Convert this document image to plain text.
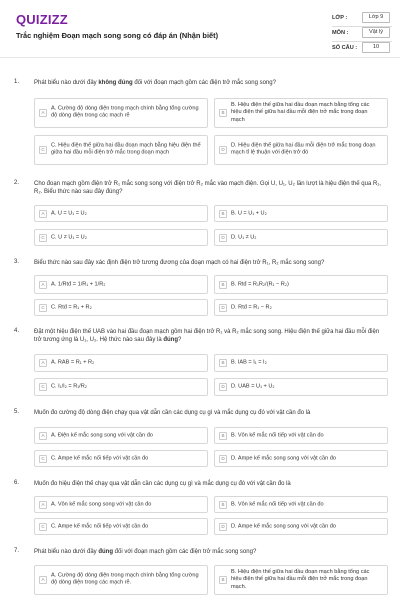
QUIZIZZ
Trắc nghiệm Đoạn mạch song song có đáp án (Nhận biết)
LỚP :	Lớp 9
MÔN :	Vật lý
SỐ CÂU :	10
1. Phát biểu nào dưới đây không đúng đối với đoạn mạch gồm các điện trở mắc song song?
A
A. Cường độ dòng điện trong mạch chính bằng tổng cường độ dòng điện trong các mạch rẽ
B
B. Hiệu điện thế giữa hai đầu đoạn mạch bằng tổng các hiệu điện thế giữa hai đầu mỗi điện trở mắc trong đoạn mạch
C
C. Hiệu điện thế giữa hai đầu đoạn mạch bằng hiệu điện thế giữa hai đầu mỗi điện trở mắc trong đoạn mạch
D
D. Hiệu điện thế giữa hai đầu mỗi điện trở mắc trong đoạn mạch tỉ lệ thuận với điện trở đó
2. Cho đoạn mạch gồm điện trở R₁ mắc song song với điện trở R₂ mắc vào mạch điện. Gọi U, U₁, U₂ lần lượt là hiệu điện thế qua R₁, R₂. Biểu thức nào sau đây đúng?
A	A. U = U₁ = U₂	B	B. U = U₁ + U₂
C	C. U ≠ U₁ = U₂	D	D. U₁ ≠ U₂
3. Biểu thức nào sau đây xác định điện trở tương đương của đoạn mạch có hai điện trở R₁, R₂ mắc song song?
A	A. 1/Rtđ = 1/R₁ + 1/R₂	B	B. Rtđ = R₁R₂/(R₁ − R₂)
C	C. Rtđ = R₁ + R₂	D	D. Rtđ = R₁ − R₂
4. Đặt một hiệu điện thế UAB vào hai đầu đoạn mạch gồm hai điện trở R₁ và R₂ mắc song song. Hiệu điện thế giữa hai đầu mỗi điện trở tương ứng là U₁, U₂. Hệ thức nào sau đây là đúng?
A	A. RAB = R₁ + R₂	B	B. IAB = I₁ = I₂
C	C. I₁/I₂ = R₁/R₂	D	D. UAB = U₁ + U₂
5. Muốn đo cường độ dòng điện chạy qua vật dẫn cần các dụng cụ gì và mắc dụng cụ đó với vật cần đo là
A	A. Điện kế mắc song song với vật cần đo	B	B. Vôn kế mắc nối tiếp với vật cần đo
C	C. Ampe kế mắc nối tiếp với vật cần đo	D	D. Ampe kế mắc song song với vật cần đo
6. Muốn đo hiệu điện thế chạy qua vật dẫn cần các dụng cụ gì và mắc dụng cụ đó với vật cần đo là
A	A. Vôn kế mắc song song với vật cần đo	B	B. Vôn kế mắc nối tiếp với vật cần đo
C	C. Ampe kế mắc nối tiếp với vật cần đo	D	D. Ampe kế mắc song song với vật cần đo
7. Phát biểu nào dưới đây đúng đối với đoạn mạch gồm các điện trở mắc song song?
A
A. Cường độ dòng điện trong mạch chính bằng tổng cường độ dòng điện trong các mạch rẽ.
B
B. Hiệu điện thế giữa hai đầu đoạn mạch bằng tổng các hiệu điện thế giữa hai đầu mỗi điện trở mắc trong đoạn mạch.
